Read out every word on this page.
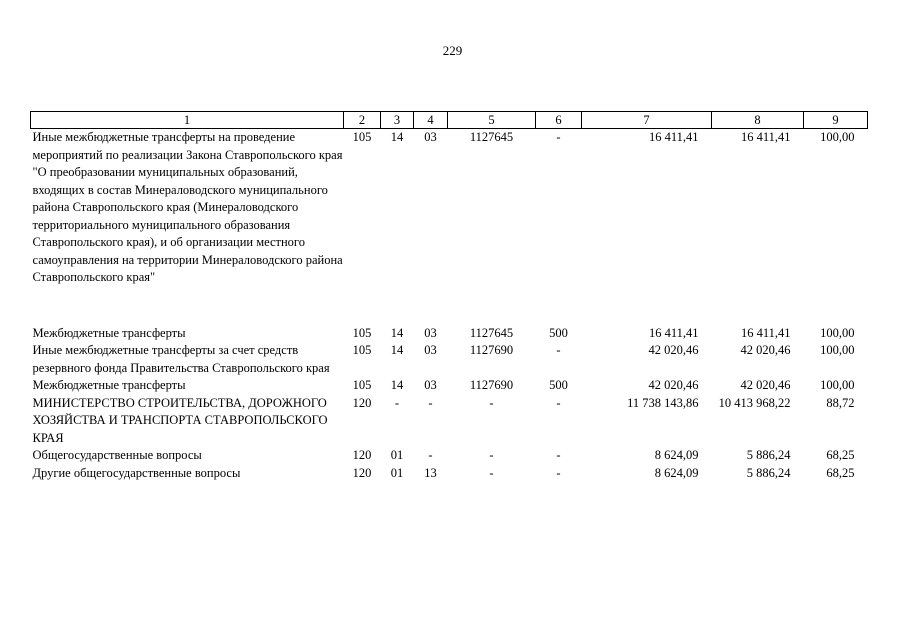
229
1	2	3	4	5	6	7	8	9
Иные межбюджетные трансферты на проведение мероприятий по реализации Закона Ставропольского края "О преобразовании муниципальных образований, входящих в состав Минераловодского муниципального района Ставропольского края (Минераловодского территориального муниципального образования Ставропольского края), и об организации местного самоуправления на территории Минераловодского района Ставропольского края"	105	14	03	1127645	-	16 411,41	16 411,41	100,00

Межбюджетные трансферты	105	14	03	1127645	500	16 411,41	16 411,41	100,00
Иные межбюджетные трансферты за счет средств резервного фонда Правительства Ставропольского края	105	14	03	1127690	-	42 020,46	42 020,46	100,00
Межбюджетные трансферты	105	14	03	1127690	500	42 020,46	42 020,46	100,00
МИНИСТЕРСТВО СТРОИТЕЛЬСТВА, ДОРОЖНОГО ХОЗЯЙСТВА И ТРАНСПОРТА СТАВРОПОЛЬСКОГО КРАЯ	120	-	-	-	-	11 738 143,86	10 413 968,22	88,72
Общегосударственные вопросы	120	01	-	-	-	8 624,09	5 886,24	68,25
Другие общегосударственные вопросы	120	01	13	-	-	8 624,09	5 886,24	68,25
